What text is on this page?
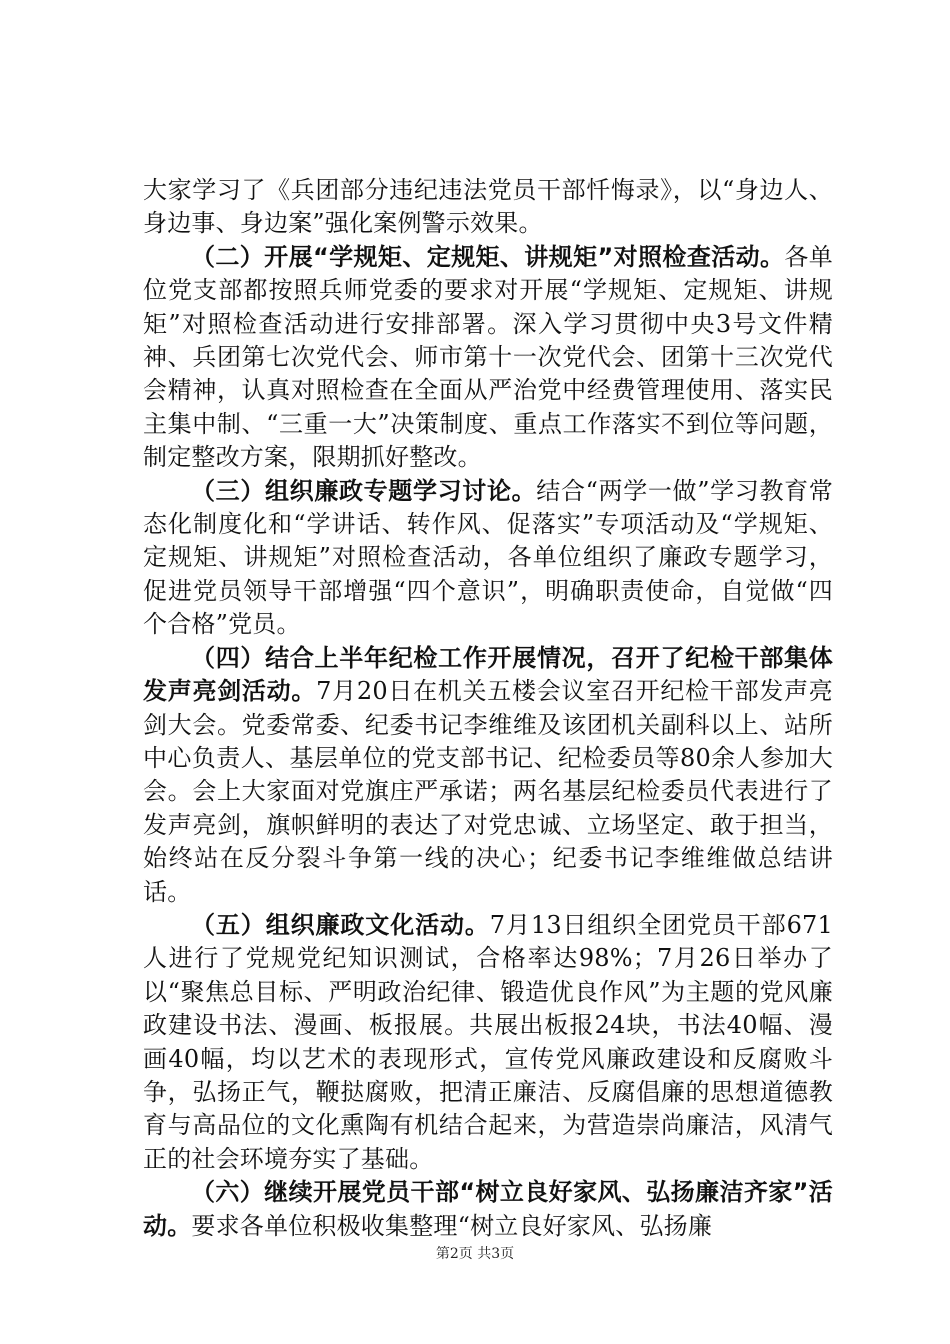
大家学习了《兵团部分违纪违法党员干部忏悔录》，以“身边人、身边事、身边案”强化案例警示效果。

（二）开展“学规矩、定规矩、讲规矩”对照检查活动。各单位党支部都按照兵师党委的要求对开展“学规矩、定规矩、讲规矩”对照检查活动进行安排部署。深入学习贯彻中央3号文件精神、兵团第七次党代会、师市第十一次党代会、团第十三次党代会精神，认真对照检查在全面从严治党中经费管理使用、落实民主集中制、“三重一大”决策制度、重点工作落实不到位等问题，制定整改方案，限期抓好整改。

（三）组织廉政专题学习讨论。结合“两学一做”学习教育常态化制度化和“学讲话、转作风、促落实”专项活动及“学规矩、定规矩、讲规矩”对照检查活动，各单位组织了廉政专题学习，促进党员领导干部增强“四个意识”，明确职责使命，自觉做“四个合格”党员。

（四）结合上半年纪检工作开展情况，召开了纪检干部集体发声亮剑活动。7月20日在机关五楼会议室召开纪检干部发声亮剑大会。党委常委、纪委书记李维维及该团机关副科以上、站所中心负责人、基层单位的党支部书记、纪检委员等80余人参加大会。会上大家面对党旗庄严承诺；两名基层纪检委员代表进行了发声亮剑，旗帜鲜明的表达了对党忠诚、立场坚定、敢于担当，始终站在反分裂斗争第一线的决心；纪委书记李维维做总结讲话。

（五）组织廉政文化活动。7月13日组织全团党员干部671人进行了党规党纪知识测试，合格率达98%；7月26日举办了以“聚焦总目标、严明政治纪律、锻造优良作风”为主题的党风廉政建设书法、漫画、板报展。共展出板报24块，书法40幅、漫画40幅，均以艺术的表现形式，宣传党风廉政建设和反腐败斗争，弘扬正气，鞭挞腐败，把清正廉洁、反腐倡廉的思想道德教育与高品位的文化熏陶有机结合起来，为营造崇尚廉洁，风清气正的社会环境夯实了基础。

（六）继续开展党员干部“树立良好家风、弘扬廉洁齐家”活动。要求各单位积极收集整理“树立良好家风、弘扬廉

第2页 共3页
